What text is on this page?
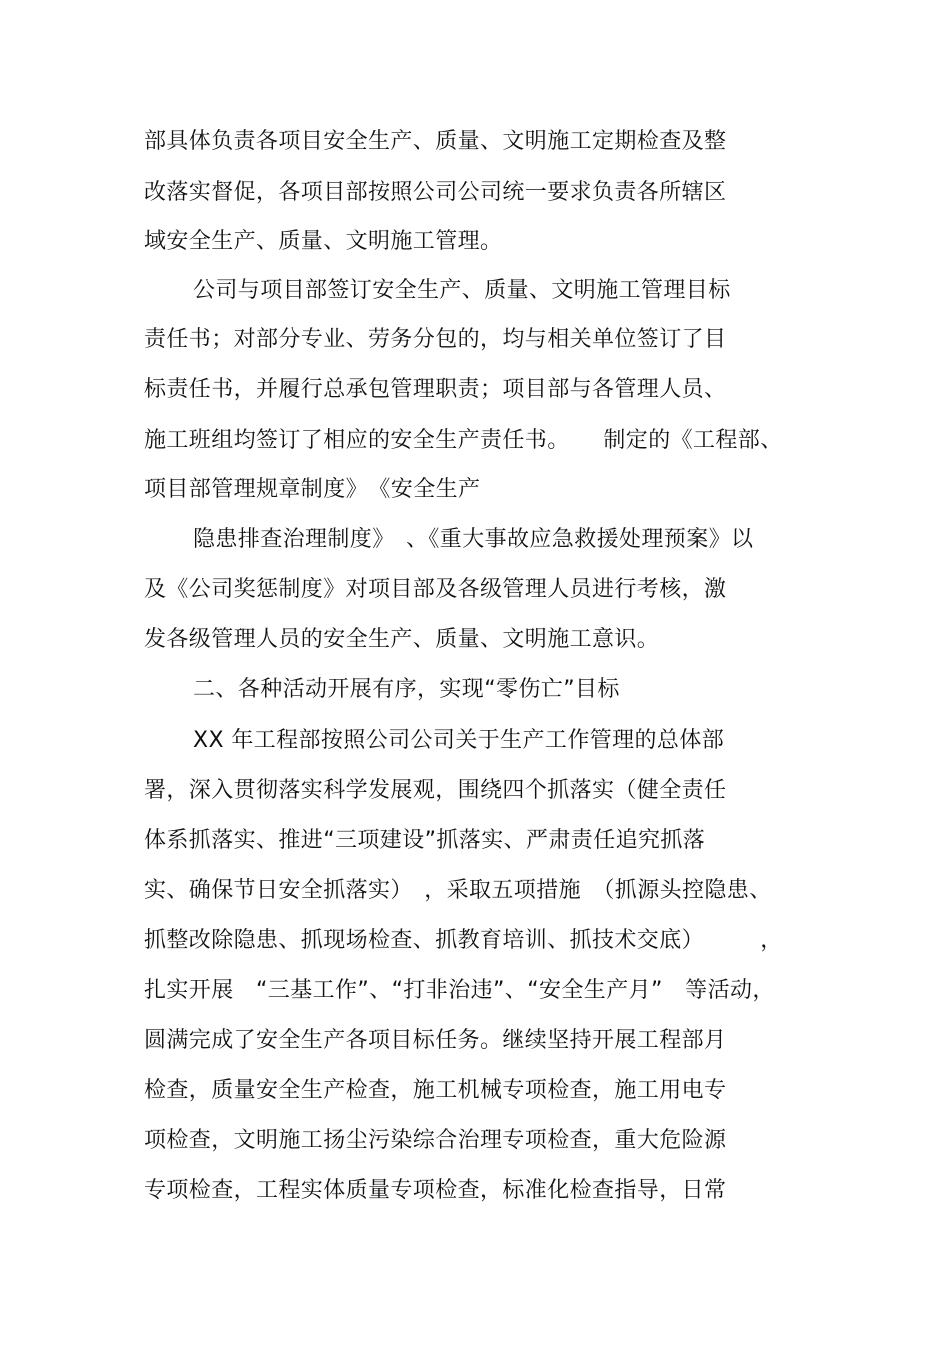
部具体负责各项目安全生产、质量、文明施工定期检查及整
改落实督促，各项目部按照公司公司统一要求负责各所辖区
域安全生产、质量、文明施工管理。
公司与项目部签订安全生产、质量、文明施工管理目标
责任书；对部分专业、劳务分包的，均与相关单位签订了目
标责任书，并履行总承包管理职责；项目部与各管理人员、
施工班组均签订了相应的安全生产责任书。　　制定的《工程部、
项目部管理规章制度》　《安全生产
隐患排查治理制度》　、《重大事故应急救援处理预案》以
及《公司奖惩制度》对项目部及各级管理人员进行考核，激
发各级管理人员的安全生产、质量、文明施工意识。
二、各种活动开展有序，实现“零伤亡”目标
XX 年工程部按照公司公司关于生产工作管理的总体部
署，深入贯彻落实科学发展观，围绕四个抓落实（健全责任
体系抓落实、推进“三项建设”抓落实、严肃责任追究抓落
实、确保节日安全抓落实）　，采取五项措施　（抓源头控隐患、
抓整改除隐患、抓现场检查、抓教育培训、抓技术交底）　　　，
扎实开展　“三基工作”、“打非治违”、“安全生产月”　等活动，
圆满完成了安全生产各项目标任务。继续坚持开展工程部月
检查，质量安全生产检查，施工机械专项检查，施工用电专
项检查，文明施工扬尘污染综合治理专项检查，重大危险源
专项检查，工程实体质量专项检查，标准化检查指导，日常
